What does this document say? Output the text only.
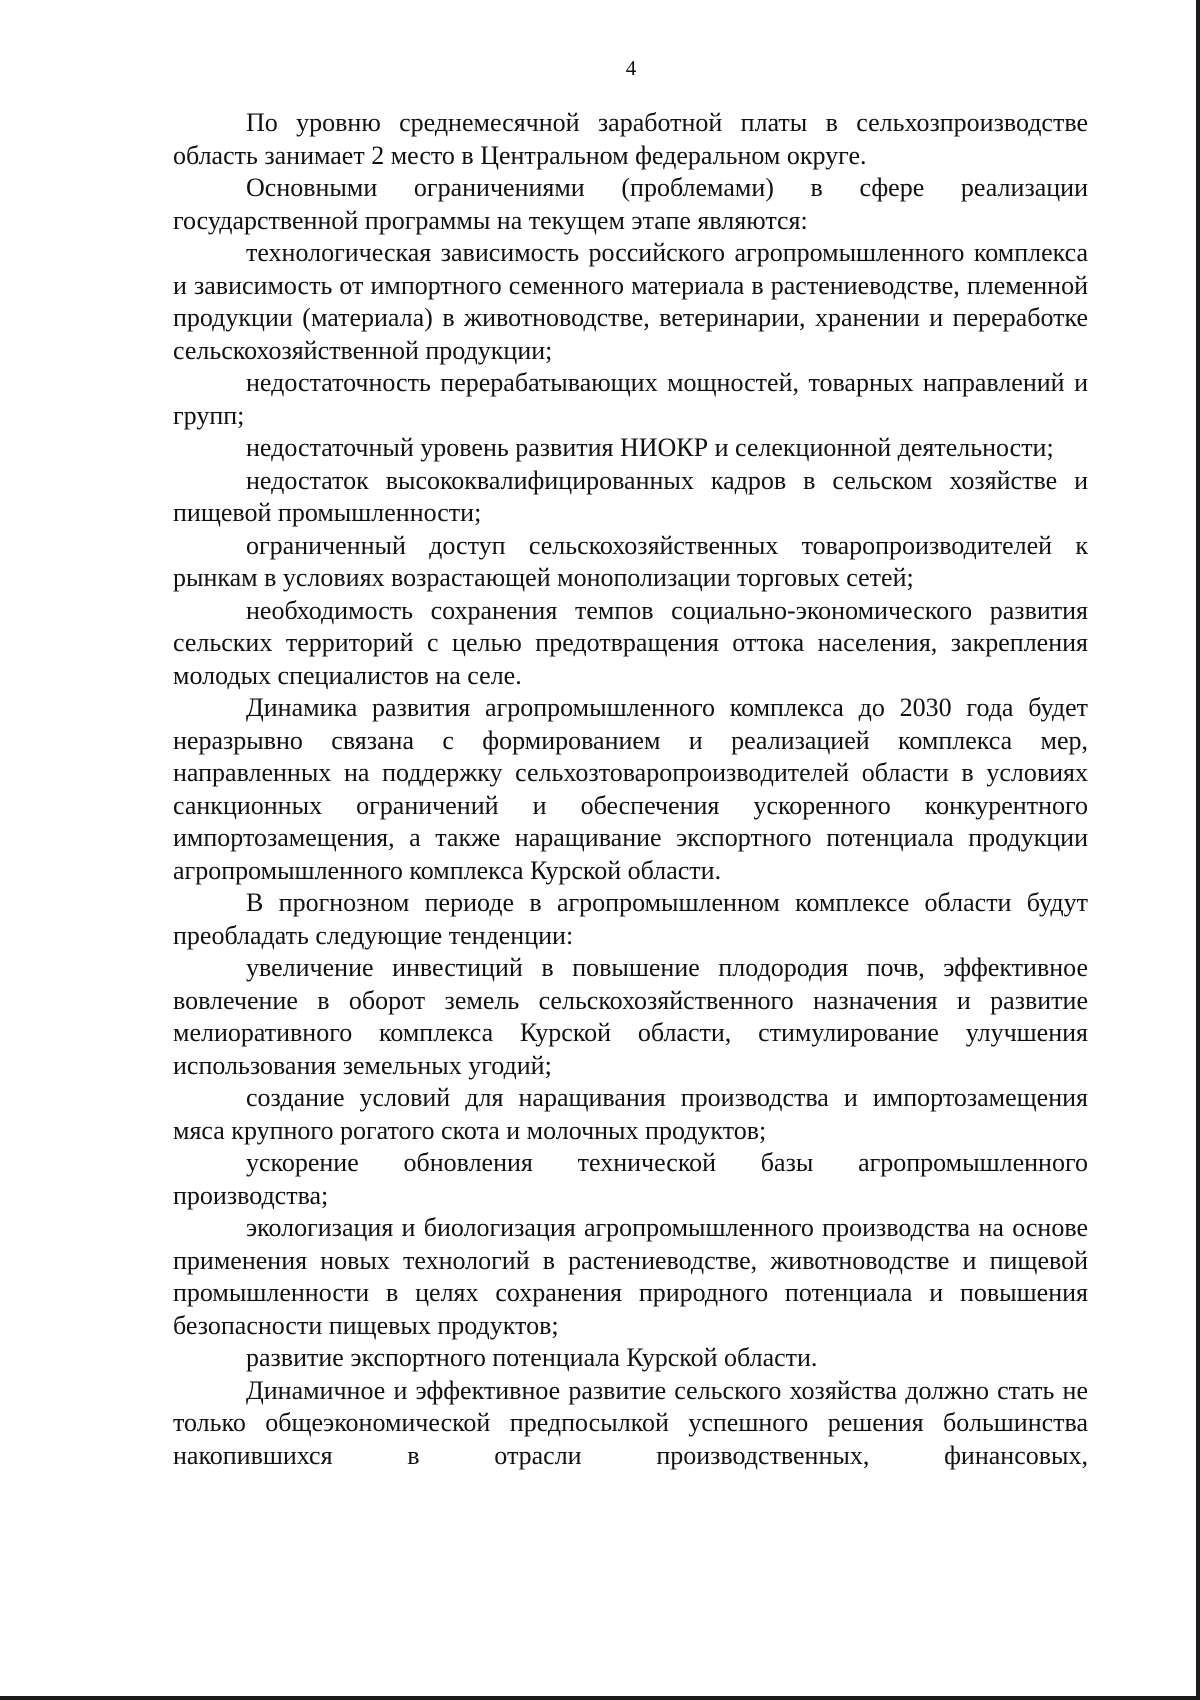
4

По уровню среднемесячной заработной платы в сельхозпроизводстве область занимает 2 место в Центральном федеральном округе.

Основными ограничениями (проблемами) в сфере реализации государственной программы на текущем этапе являются:

технологическая зависимость российского агропромышленного комплекса и зависимость от импортного семенного материала в растениеводстве, племенной продукции (материала) в животноводстве, ветеринарии, хранении и переработке сельскохозяйственной продукции;

недостаточность перерабатывающих мощностей, товарных направлений и групп;

недостаточный уровень развития НИОКР и селекционной деятельности;

недостаток высококвалифицированных кадров в сельском хозяйстве и пищевой промышленности;

ограниченный доступ сельскохозяйственных товаропроизводителей к рынкам в условиях возрастающей монополизации торговых сетей;

необходимость сохранения темпов социально-экономического развития сельских территорий с целью предотвращения оттока населения, закрепления молодых специалистов на селе.

Динамика развития агропромышленного комплекса до 2030 года будет неразрывно связана с формированием и реализацией комплекса мер, направленных на поддержку сельхозтоваропроизводителей области в условиях санкционных ограничений и обеспечения ускоренного конкурентного импортозамещения, а также наращивание экспортного потенциала продукции агропромышленного комплекса Курской области.

В прогнозном периоде в агропромышленном комплексе области будут преобладать следующие тенденции:

увеличение инвестиций в повышение плодородия почв, эффективное вовлечение в оборот земель сельскохозяйственного назначения и развитие мелиоративного комплекса Курской области, стимулирование улучшения использования земельных угодий;

создание условий для наращивания производства и импортозамещения мяса крупного рогатого скота и молочных продуктов;

ускорение обновления технической базы агропромышленного производства;

экологизация и биологизация агропромышленного производства на основе применения новых технологий в растениеводстве, животноводстве и пищевой промышленности в целях сохранения природного потенциала и повышения безопасности пищевых продуктов;

развитие экспортного потенциала Курской области.

Динамичное и эффективное развитие сельского хозяйства должно стать не только общеэкономической предпосылкой успешного решения большинства накопившихся в отрасли производственных, финансовых,
